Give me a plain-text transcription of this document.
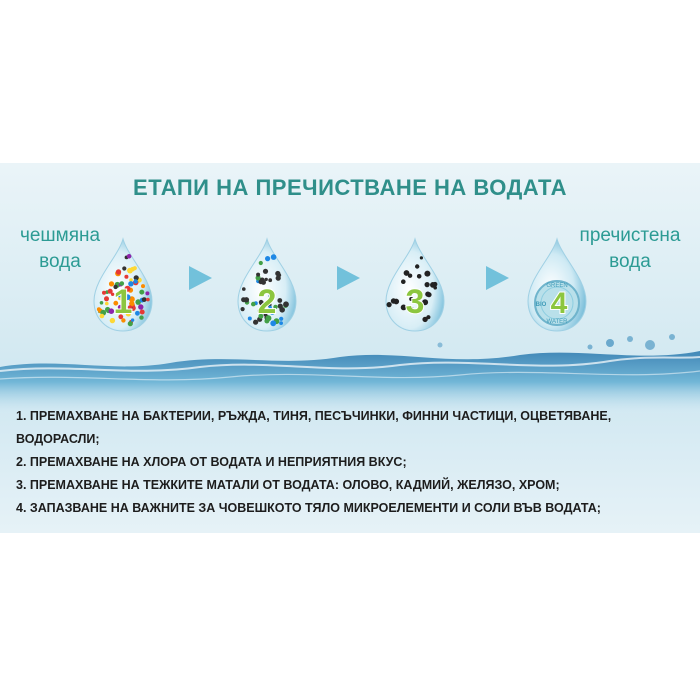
ЕТАПИ НА ПРЕЧИСТВАНЕ НА ВОДАТА
чешмяна
вода
пречистена
вода
1	2	3	GREEN
BIO
WATER
4
1. ПРЕМАХВАНЕ НА БАКТЕРИИ, РЪЖДА, ТИНЯ, ПЕСЪЧИНКИ, ФИННИ ЧАСТИЦИ, ОЦВЕТЯВАНЕ,
ВОДОРАСЛИ;
2. ПРЕМАХВАНЕ НА ХЛОРА ОТ ВОДАТА И НЕПРИЯТНИЯ ВКУС;
3. ПРЕМАХВАНЕ НА ТЕЖКИТЕ МАТАЛИ ОТ ВОДАТА: ОЛОВО, КАДМИЙ, ЖЕЛЯЗО, ХРОМ;
4. ЗАПАЗВАНЕ НА ВАЖНИТЕ ЗА ЧОВЕШКОТО ТЯЛО МИКРОЕЛЕМЕНТИ И СОЛИ ВЪВ ВОДАТА;
